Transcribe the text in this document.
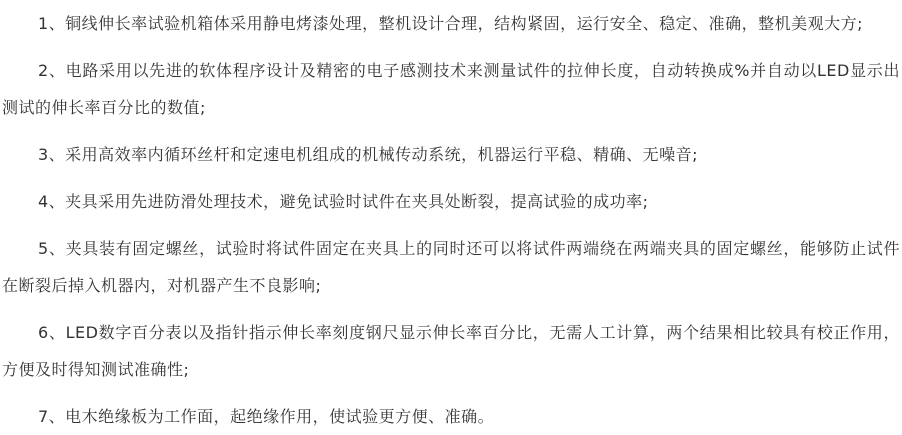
1、铜线伸长率试验机箱体采用静电烤漆处理，整机设计合理，结构紧固，运行安全、稳定、准确，整机美观大方;

2、电路采用以先进的软体程序设计及精密的电子感测技术来测量试件的拉伸长度，自动转换成%并自动以LED显示出测试的伸长率百分比的数值;

3、采用高效率内循环丝杆和定速电机组成的机械传动系统，机器运行平稳、精确、无噪音;

4、夹具采用先进防滑处理技术，避免试验时试件在夹具处断裂，提高试验的成功率;

5、夹具装有固定螺丝，试验时将试件固定在夹具上的同时还可以将试件两端绕在两端夹具的固定螺丝，能够防止试件在断裂后掉入机器内，对机器产生不良影响;

6、LED数字百分表以及指针指示伸长率刻度钢尺显示伸长率百分比，无需人工计算，两个结果相比较具有校正作用，方便及时得知测试准确性;

7、电木绝缘板为工作面，起绝缘作用，使试验更方便、准确。
